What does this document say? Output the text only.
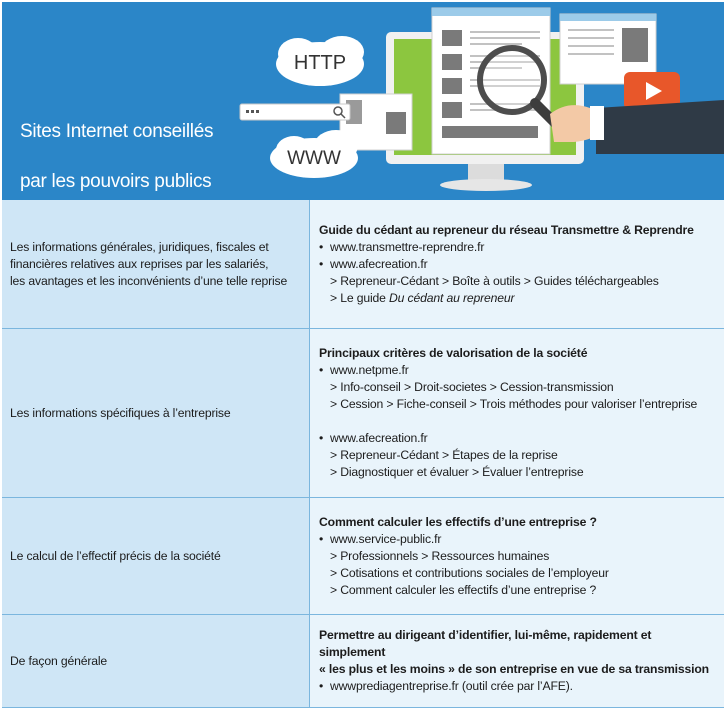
HTTP
WWW

Sites Internet conseillés

par les pouvoirs publics

Les informations générales, juridiques, fiscales et
financières relatives aux reprises par les salariés,
les avantages et les inconvénients d’une telle reprise
Guide du cédant au repreneur du réseau Transmettre & Reprendre
• www.transmettre-reprendre.fr
• www.afecreation.fr
> Repreneur-Cédant > Boîte à outils > Guides téléchargeables
> Le guide Du cédant au repreneur
Les informations spécifiques à l’entreprise
Principaux critères de valorisation de la société
• www.netpme.fr
> Info-conseil > Droit-societes > Cession-transmission
> Cession > Fiche-conseil > Trois méthodes pour valoriser l’entreprise
• www.afecreation.fr
> Repreneur-Cédant > Étapes de la reprise
> Diagnostiquer et évaluer > Évaluer l’entreprise
Le calcul de l’effectif précis de la société
Comment calculer les effectifs d’une entreprise ?
• www.service-public.fr
> Professionnels > Ressources humaines
> Cotisations et contributions sociales de l’employeur
> Comment calculer les effectifs d’une entreprise ?
De façon générale
Permettre au dirigeant d’identifier, lui-même, rapidement et simplement
« les plus et les moins » de son entreprise en vue de sa transmission
• wwwprediagentreprise.fr (outil crée par l’AFE).
